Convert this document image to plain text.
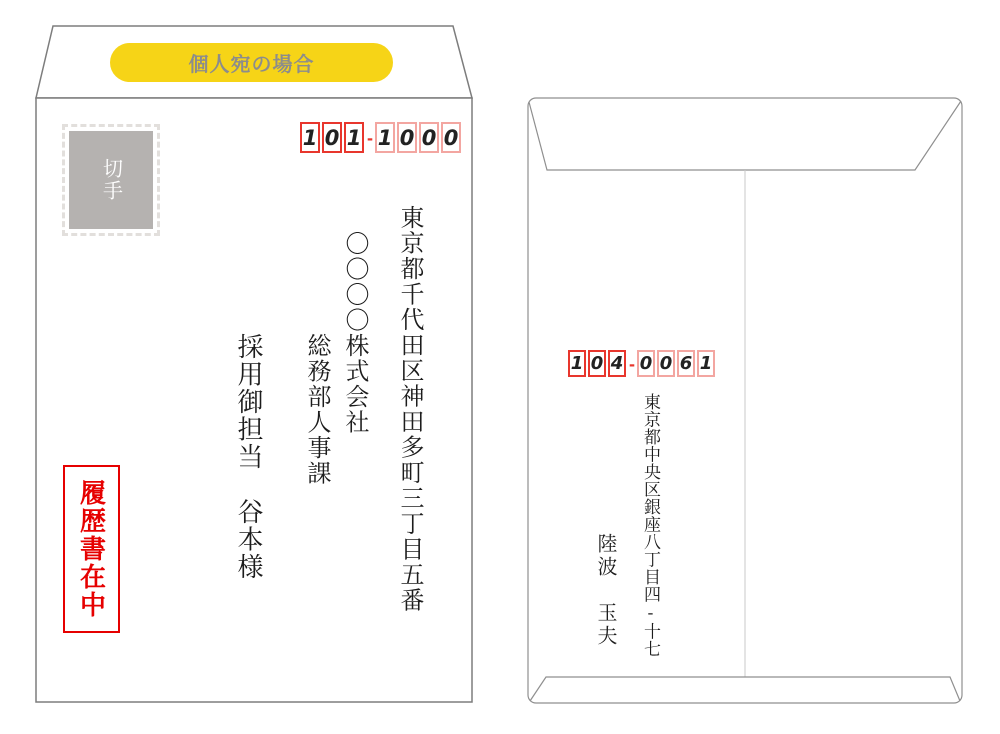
個人宛の場合
切手
1 0 1 - 1 0 0 0
東京都千代田区神田多町三丁目五番
〇〇〇〇株式会社
総務部人事課
採用御担当　谷本様
履歴書在中
1 0 4 - 0 0 6 1
東京都中央区銀座八丁目四-十七
陸波　玉夫
